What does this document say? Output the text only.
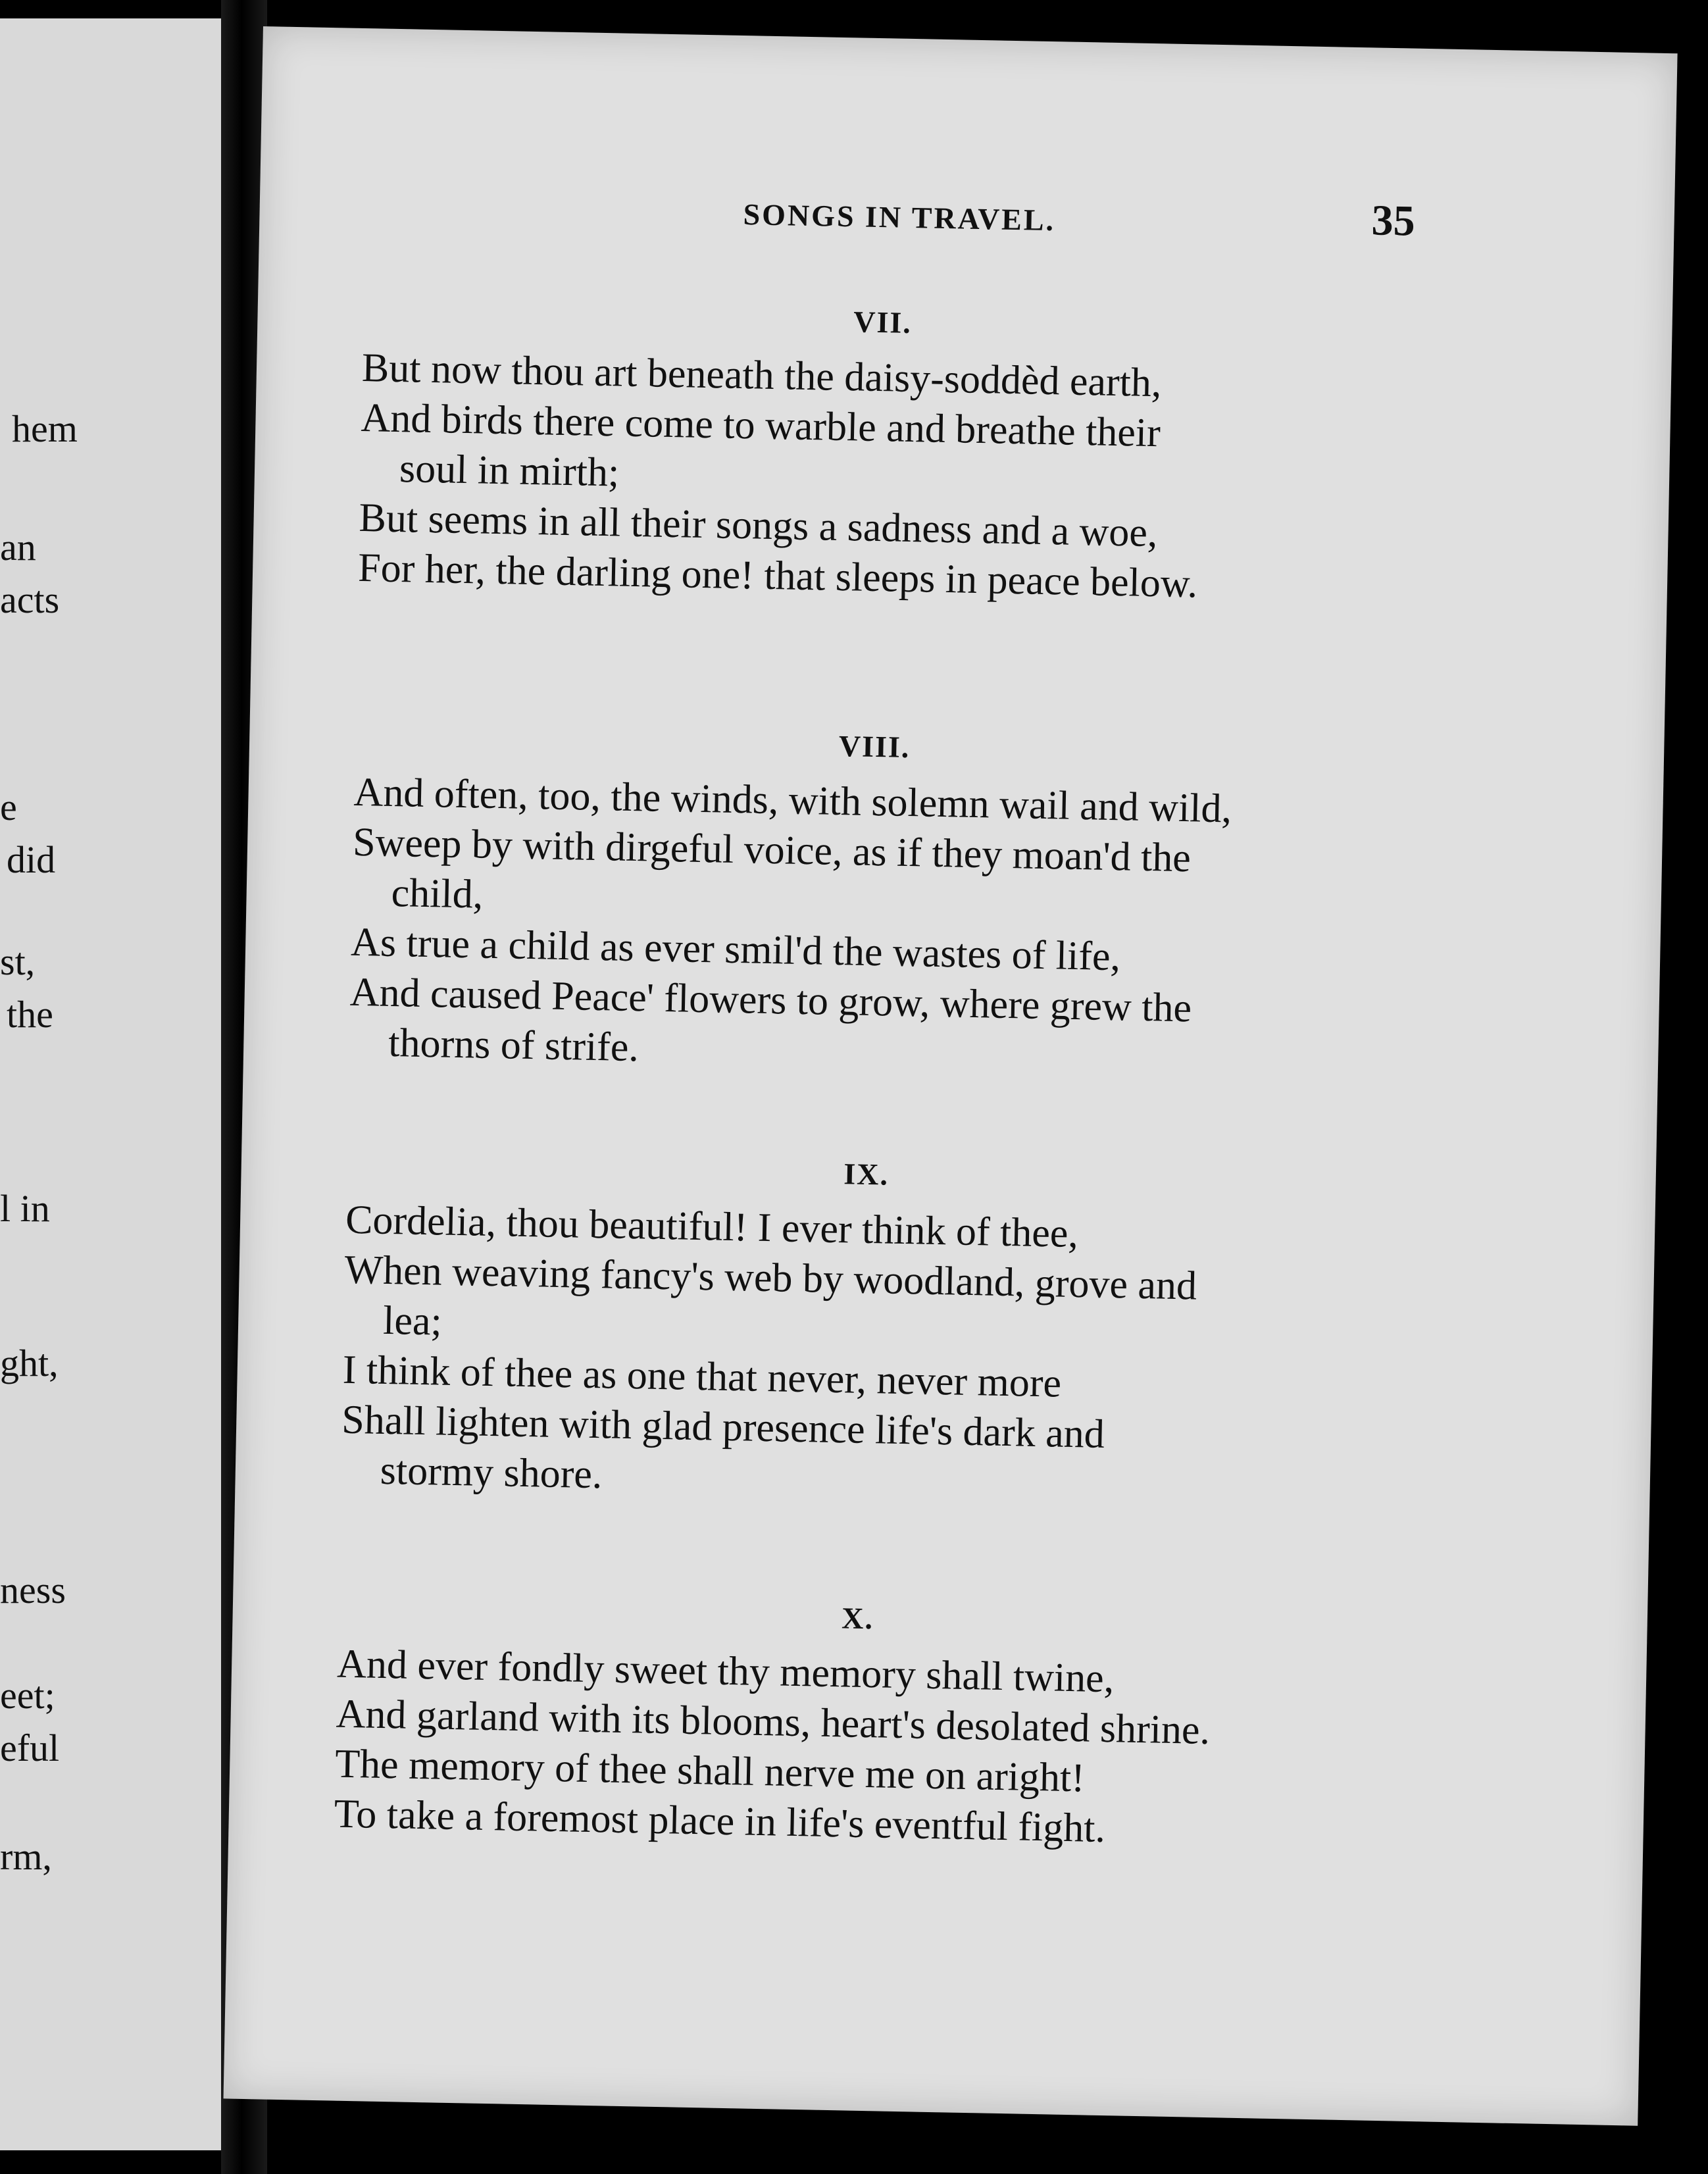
hem
an
acts
e
did
st,
the
l in
ght,
ness
eet;
eful
rm,
SONGS IN TRAVEL.	35
VII.
But now thou art beneath the daisy-soddèd earth,
And birds there come to warble and breathe their
soul in mirth;
But seems in all their songs a sadness and a woe,
For her, the darling one! that sleeps in peace below.
VIII.
And often, too, the winds, with solemn wail and wild,
Sweep by with dirgeful voice, as if they moan'd the
child,
As true a child as ever smil'd the wastes of life,
And caused Peace' flowers to grow, where grew the
thorns of strife.
IX.
Cordelia, thou beautiful! I ever think of thee,
When weaving fancy's web by woodland, grove and
lea;
I think of thee as one that never, never more
Shall lighten with glad presence life's dark and
stormy shore.
X.
And ever fondly sweet thy memory shall twine,
And garland with its blooms, heart's desolated shrine.
The memory of thee shall nerve me on aright!
To take a foremost place in life's eventful fight.
